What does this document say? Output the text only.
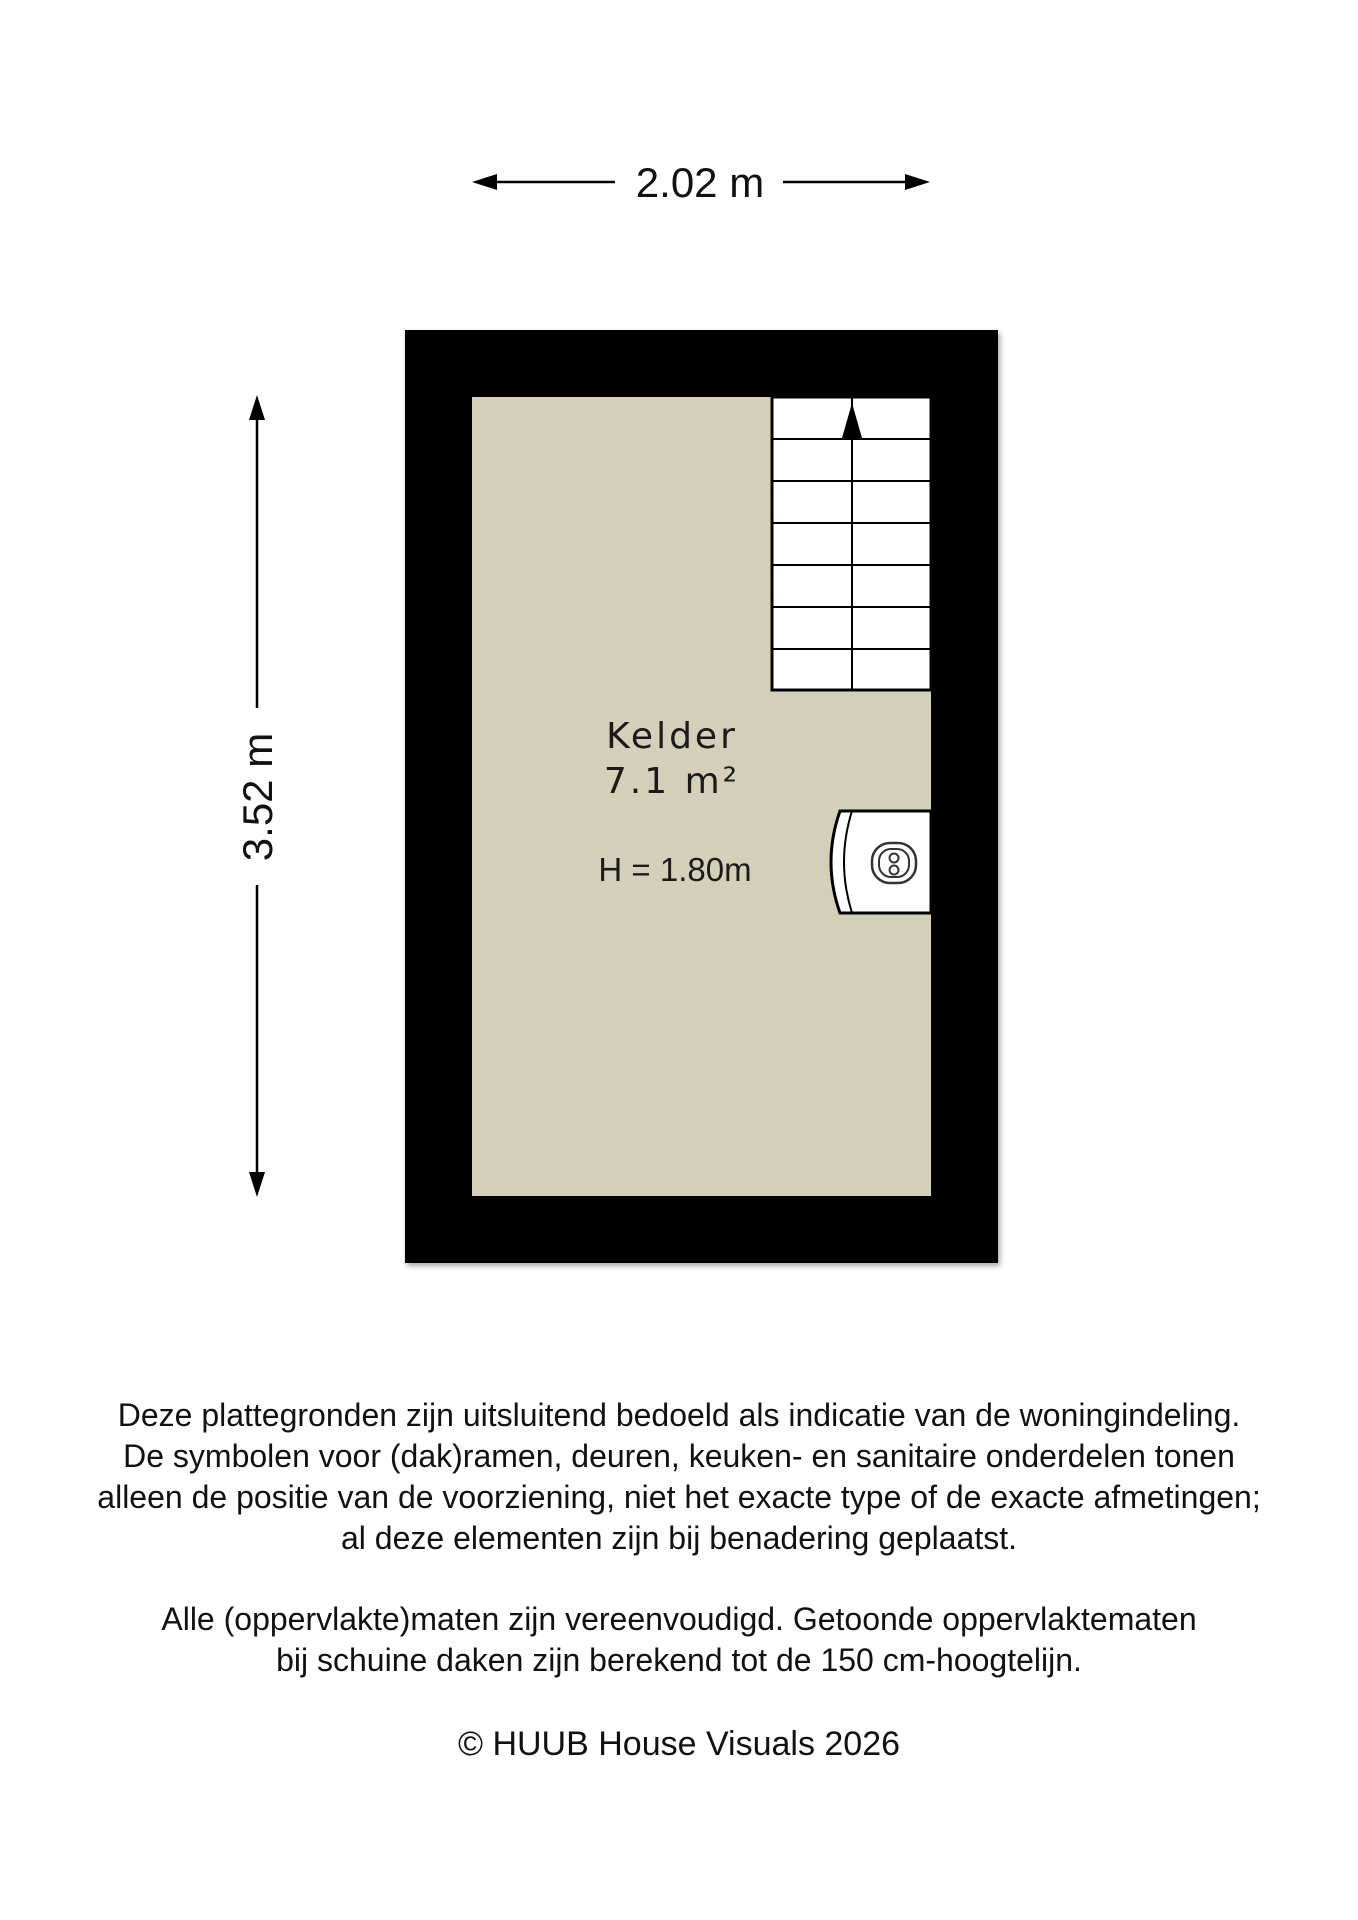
2.02 m
3.52 m	Kelder
7.1 m²
H = 1.80m

Deze plattegronden zijn uitsluitend bedoeld als indicatie van de woningindeling.

De symbolen voor (dak)ramen, deuren, keuken- en sanitaire onderdelen tonen

alleen de positie van de voorziening, niet het exacte type of de exacte afmetingen;

al deze elementen zijn bij benadering geplaatst.

Alle (oppervlakte)maten zijn vereenvoudigd. Getoonde oppervlaktematen

bij schuine daken zijn berekend tot de 150 cm-hoogtelijn.

© HUUB House Visuals 2026
